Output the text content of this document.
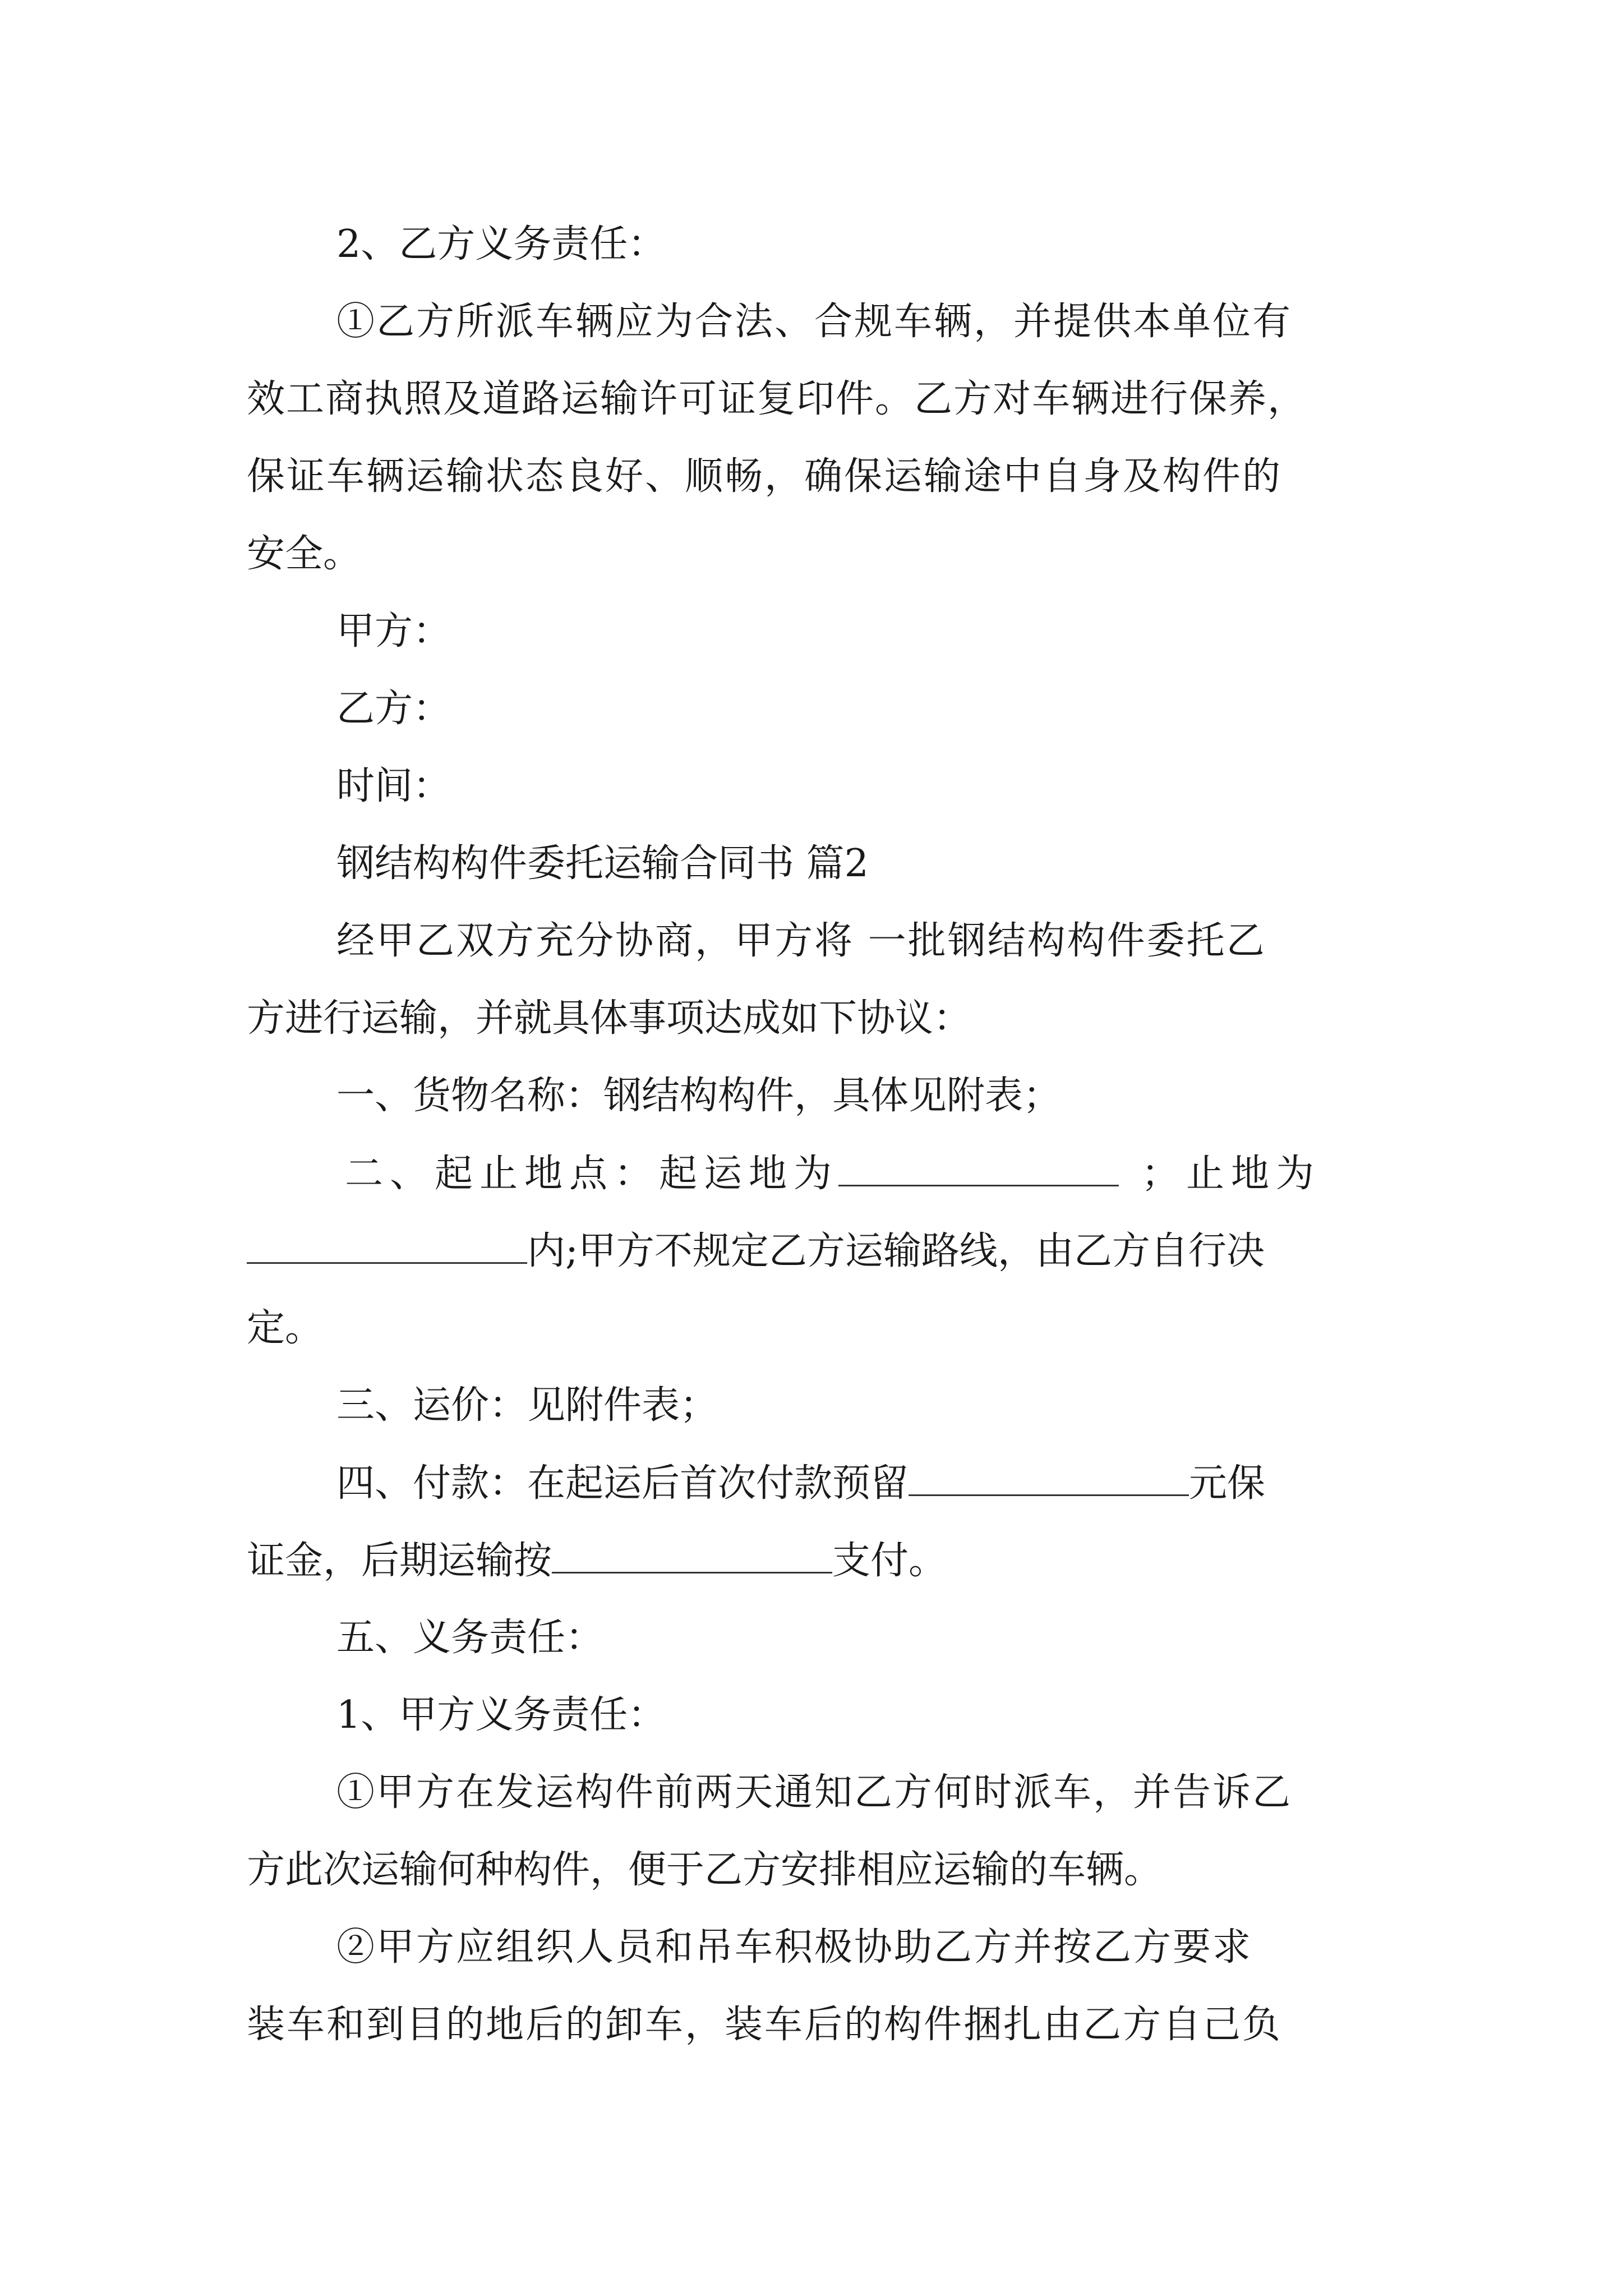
2、乙方义务责任：
①乙方所派车辆应为合法、合规车辆，并提供本单位有
效工商执照及道路运输许可证复印件。乙方对车辆进行保养，
保证车辆运输状态良好、顺畅，确保运输途中自身及构件的
安全。
甲方：
乙方：
时间：
钢结构构件委托运输合同书 篇2
经甲乙双方充分协商，甲方将 一批钢结构构件委托乙
方进行运输，并就具体事项达成如下协议：
一、货物名称：钢结构构件，具体见附表；
二、起止地点：起运地为	；止地为
内;甲方不规定乙方运输路线，由乙方自行决
定。
三、运价：见附件表；
四、付款：在起运后首次付款预留	元保
证金，后期运输按	支付。
五、义务责任：
1、甲方义务责任：
①甲方在发运构件前两天通知乙方何时派车，并告诉乙
方此次运输何种构件，便于乙方安排相应运输的车辆。
②甲方应组织人员和吊车积极协助乙方并按乙方要求
装车和到目的地后的卸车，装车后的构件捆扎由乙方自己负
